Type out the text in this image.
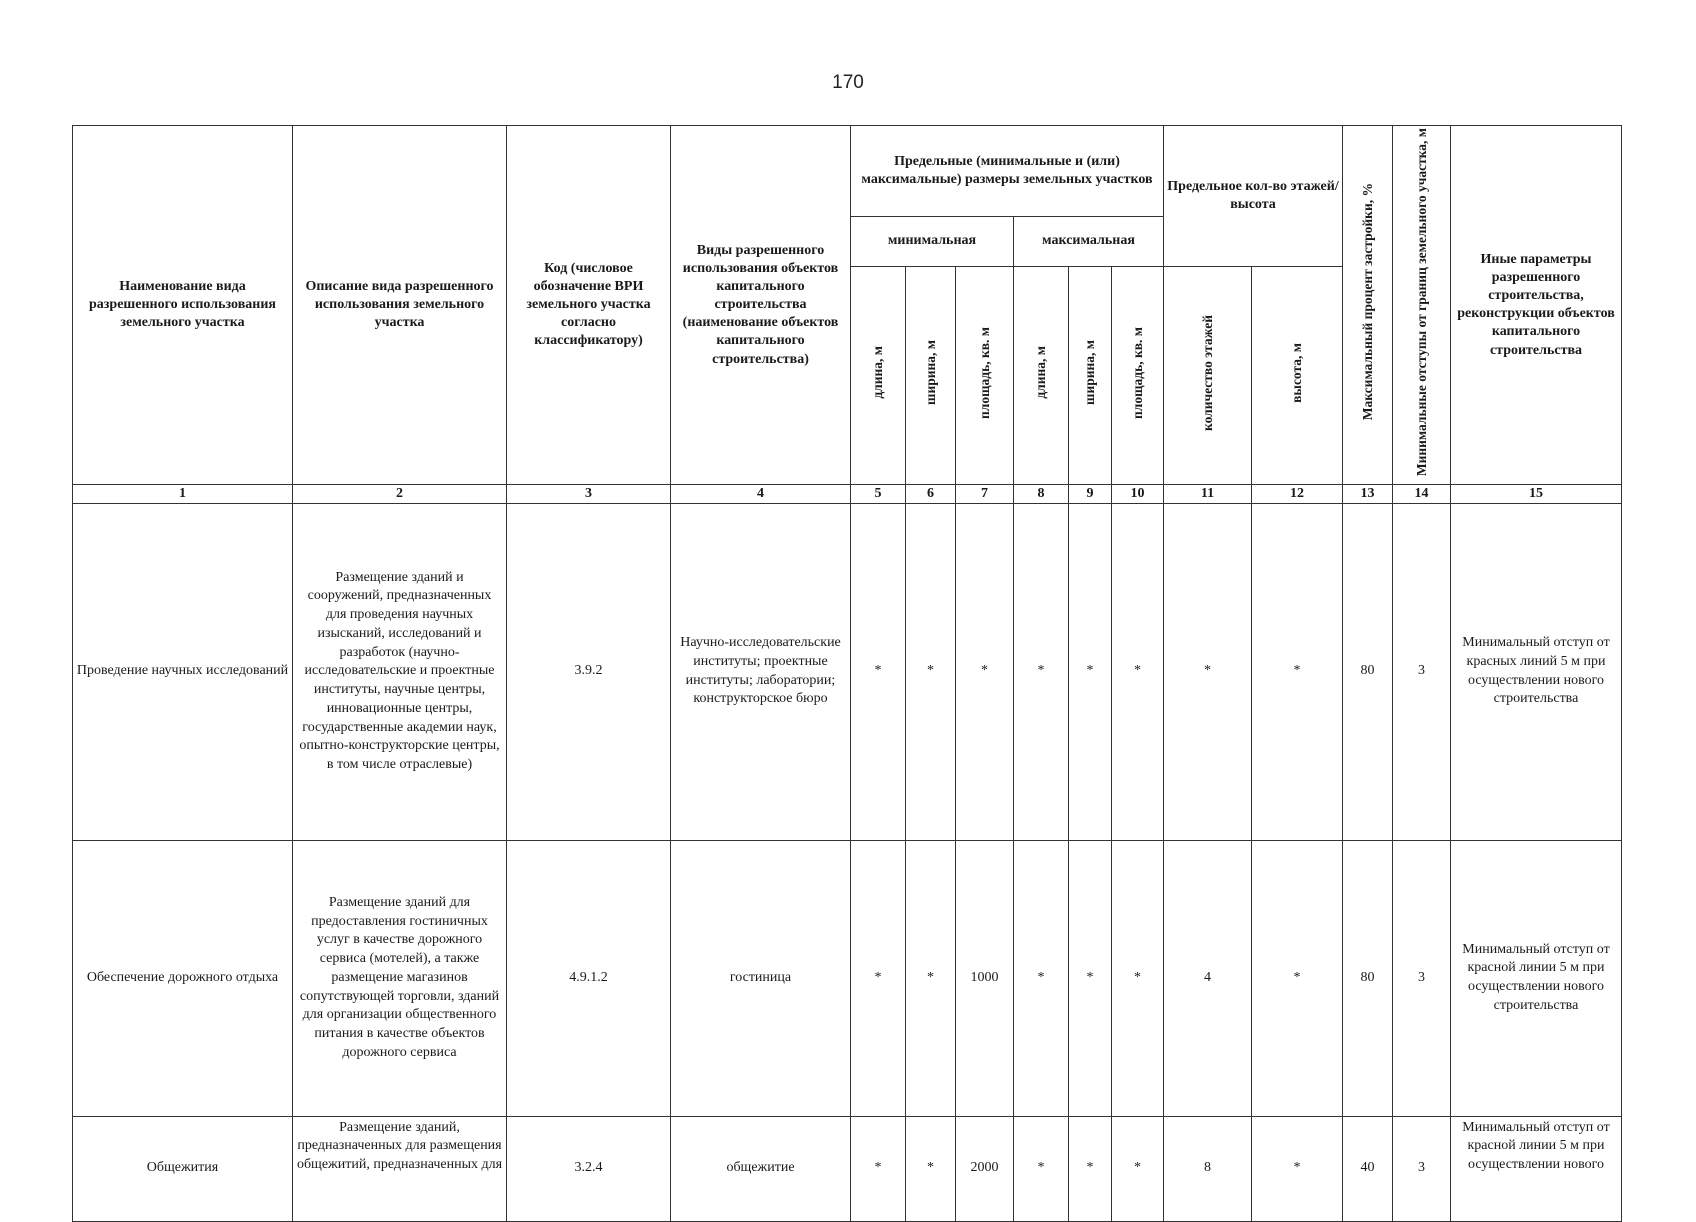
170
Наименование вида разрешенного использования земельного участка	Описание вида разрешенного использования земельного участка	Код (числовое обозначение ВРИ земельного участка согласно классификатору)	Виды разрешенного использования объектов капитального строительства (наименование объектов капитального строительства)	Предельные (минимальные и (или) максимальные) размеры земельных участков						Предельное кол-во этажей/высота		Максимальный процент застройки, %	Минимальные отступы от границ земельного участка, м	Иные параметры разрешенного строительства, реконструкции объектов капитального строительства
				минимальная			максимальная							
				длина, м	ширина, м	площадь, кв. м	длина, м	ширина, м	площадь, кв. м	количество этажей	высота, м			
1	2	3	4	5	6	7	8	9	10	11	12	13	14	15
Проведение научных исследований	Размещение зданий и сооружений, предназначенных для проведения научных изысканий, исследований и разработок (научно-исследовательские и проектные институты, научные центры, инновационные центры, государственные академии наук, опытно-конструкторские центры, в том числе отраслевые)	3.9.2	Научно-исследовательские институты; проектные институты; лаборатории; конструкторское бюро	*	*	*	*	*	*	*	*	80	3	Минимальный отступ от красных линий 5 м при осуществлении нового строительства
Обеспечение дорожного отдыха	Размещение зданий для предоставления гостиничных услуг в качестве дорожного сервиса (мотелей), а также размещение магазинов сопутствующей торговли, зданий для организации общественного питания в качестве объектов дорожного сервиса	4.9.1.2	гостиница	*	*	1000	*	*	*	4	*	80	3	Минимальный отступ от красной линии 5 м при осуществлении нового строительства
Общежития	Размещение зданий, предназначенных для размещения общежитий, предназначенных для	3.2.4	общежитие	*	*	2000	*	*	*	8	*	40	3	Минимальный отступ от красной линии 5 м при осуществлении нового
